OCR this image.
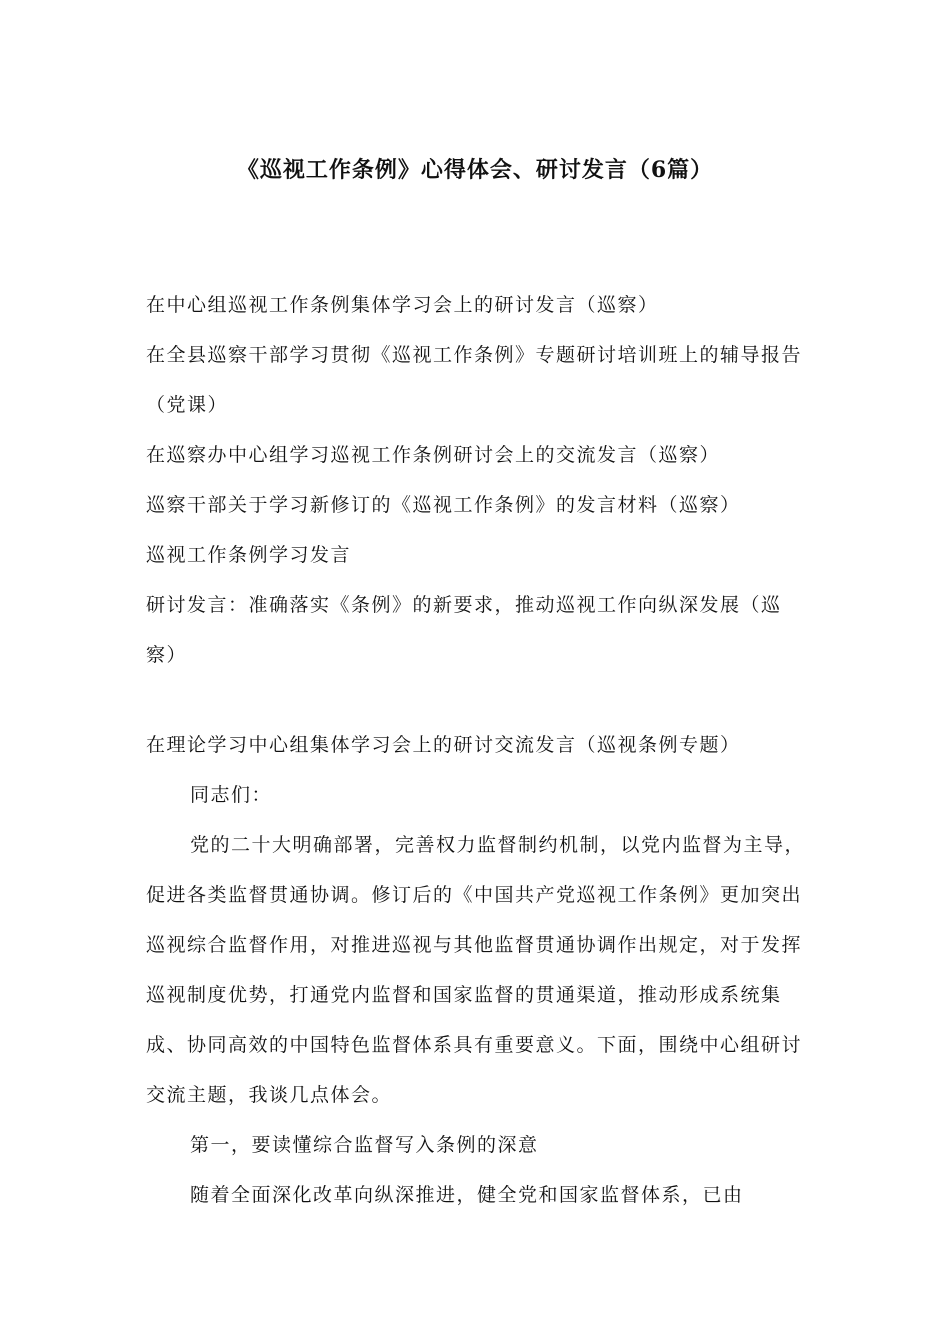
《巡视工作条例》心得体会、研讨发言（6篇）

在中心组巡视工作条例集体学习会上的研讨发言（巡察）

在全县巡察干部学习贯彻《巡视工作条例》专题研讨培训班上的辅导报告（党课）

在巡察办中心组学习巡视工作条例研讨会上的交流发言（巡察）

巡察干部关于学习新修订的《巡视工作条例》的发言材料（巡察）

巡视工作条例学习发言

研讨发言：准确落实《条例》的新要求，推动巡视工作向纵深发展（巡察）

在理论学习中心组集体学习会上的研讨交流发言（巡视条例专题）

同志们：

党的二十大明确部署，完善权力监督制约机制，以党内监督为主导，促进各类监督贯通协调。修订后的《中国共产党巡视工作条例》更加突出巡视综合监督作用，对推进巡视与其他监督贯通协调作出规定，对于发挥巡视制度优势，打通党内监督和国家监督的贯通渠道，推动形成系统集成、协同高效的中国特色监督体系具有重要意义。下面，围绕中心组研讨交流主题，我谈几点体会。

第一，要读懂综合监督写入条例的深意

随着全面深化改革向纵深推进，健全党和国家监督体系，已由
